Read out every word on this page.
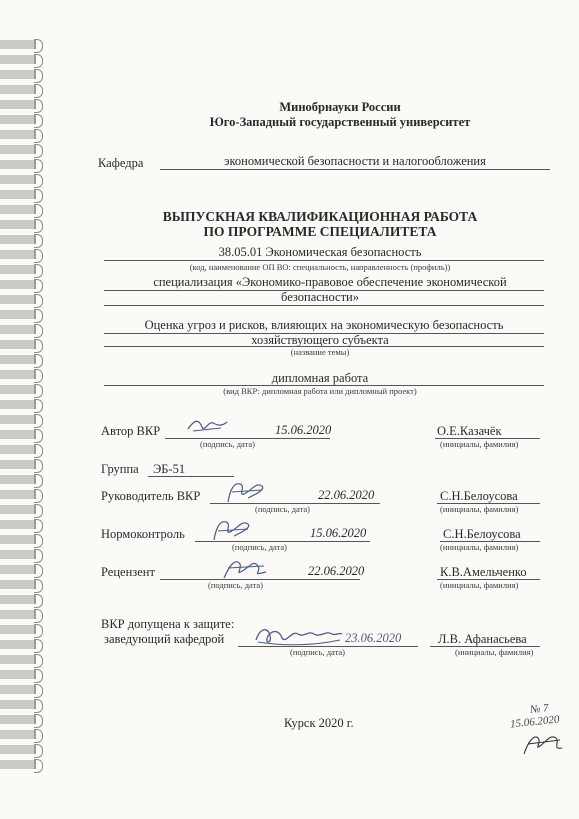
Минобрнауки России
Юго-Западный государственный университет
Кафедра	экономической безопасности и налогообложения
ВЫПУСКНАЯ КВАЛИФИКАЦИОННАЯ РАБОТА
ПО ПРОГРАММЕ СПЕЦИАЛИТЕТА
38.05.01 Экономическая безопасность
(код, наименование ОП ВО: специальность, направленность (профиль))
специализация «Экономико-правовое обеспечение экономической
безопасности»
Оценка угроз и рисков, влияющих на экономическую безопасность
хозяйствующего субъекта
(название темы)
дипломная работа
(вид ВКР: дипломная работа или дипломный проект)
Автор ВКР	15.06.2020
(подпись, дата)
О.Е.Казачёк
(инициалы, фамилия)
Группа ЭБ-51
Руководитель ВКР	22.06.2020
(подпись, дата)
С.Н.Белоусова
(инициалы, фамилия)
Нормоконтроль	15.06.2020
(подпись, дата)
С.Н.Белоусова
(инициалы, фамилия)
Рецензент	22.06.2020
(подпись, дата)
К.В.Амельченко
(инициалы, фамилия)
ВКР допущена к защите:
заведующий кафедрой	23.06.2020
(подпись, дата)
Л.В. Афанасьева
(инициалы, фамилия)
Курск 2020 г.
№ 7
15.06.2020
